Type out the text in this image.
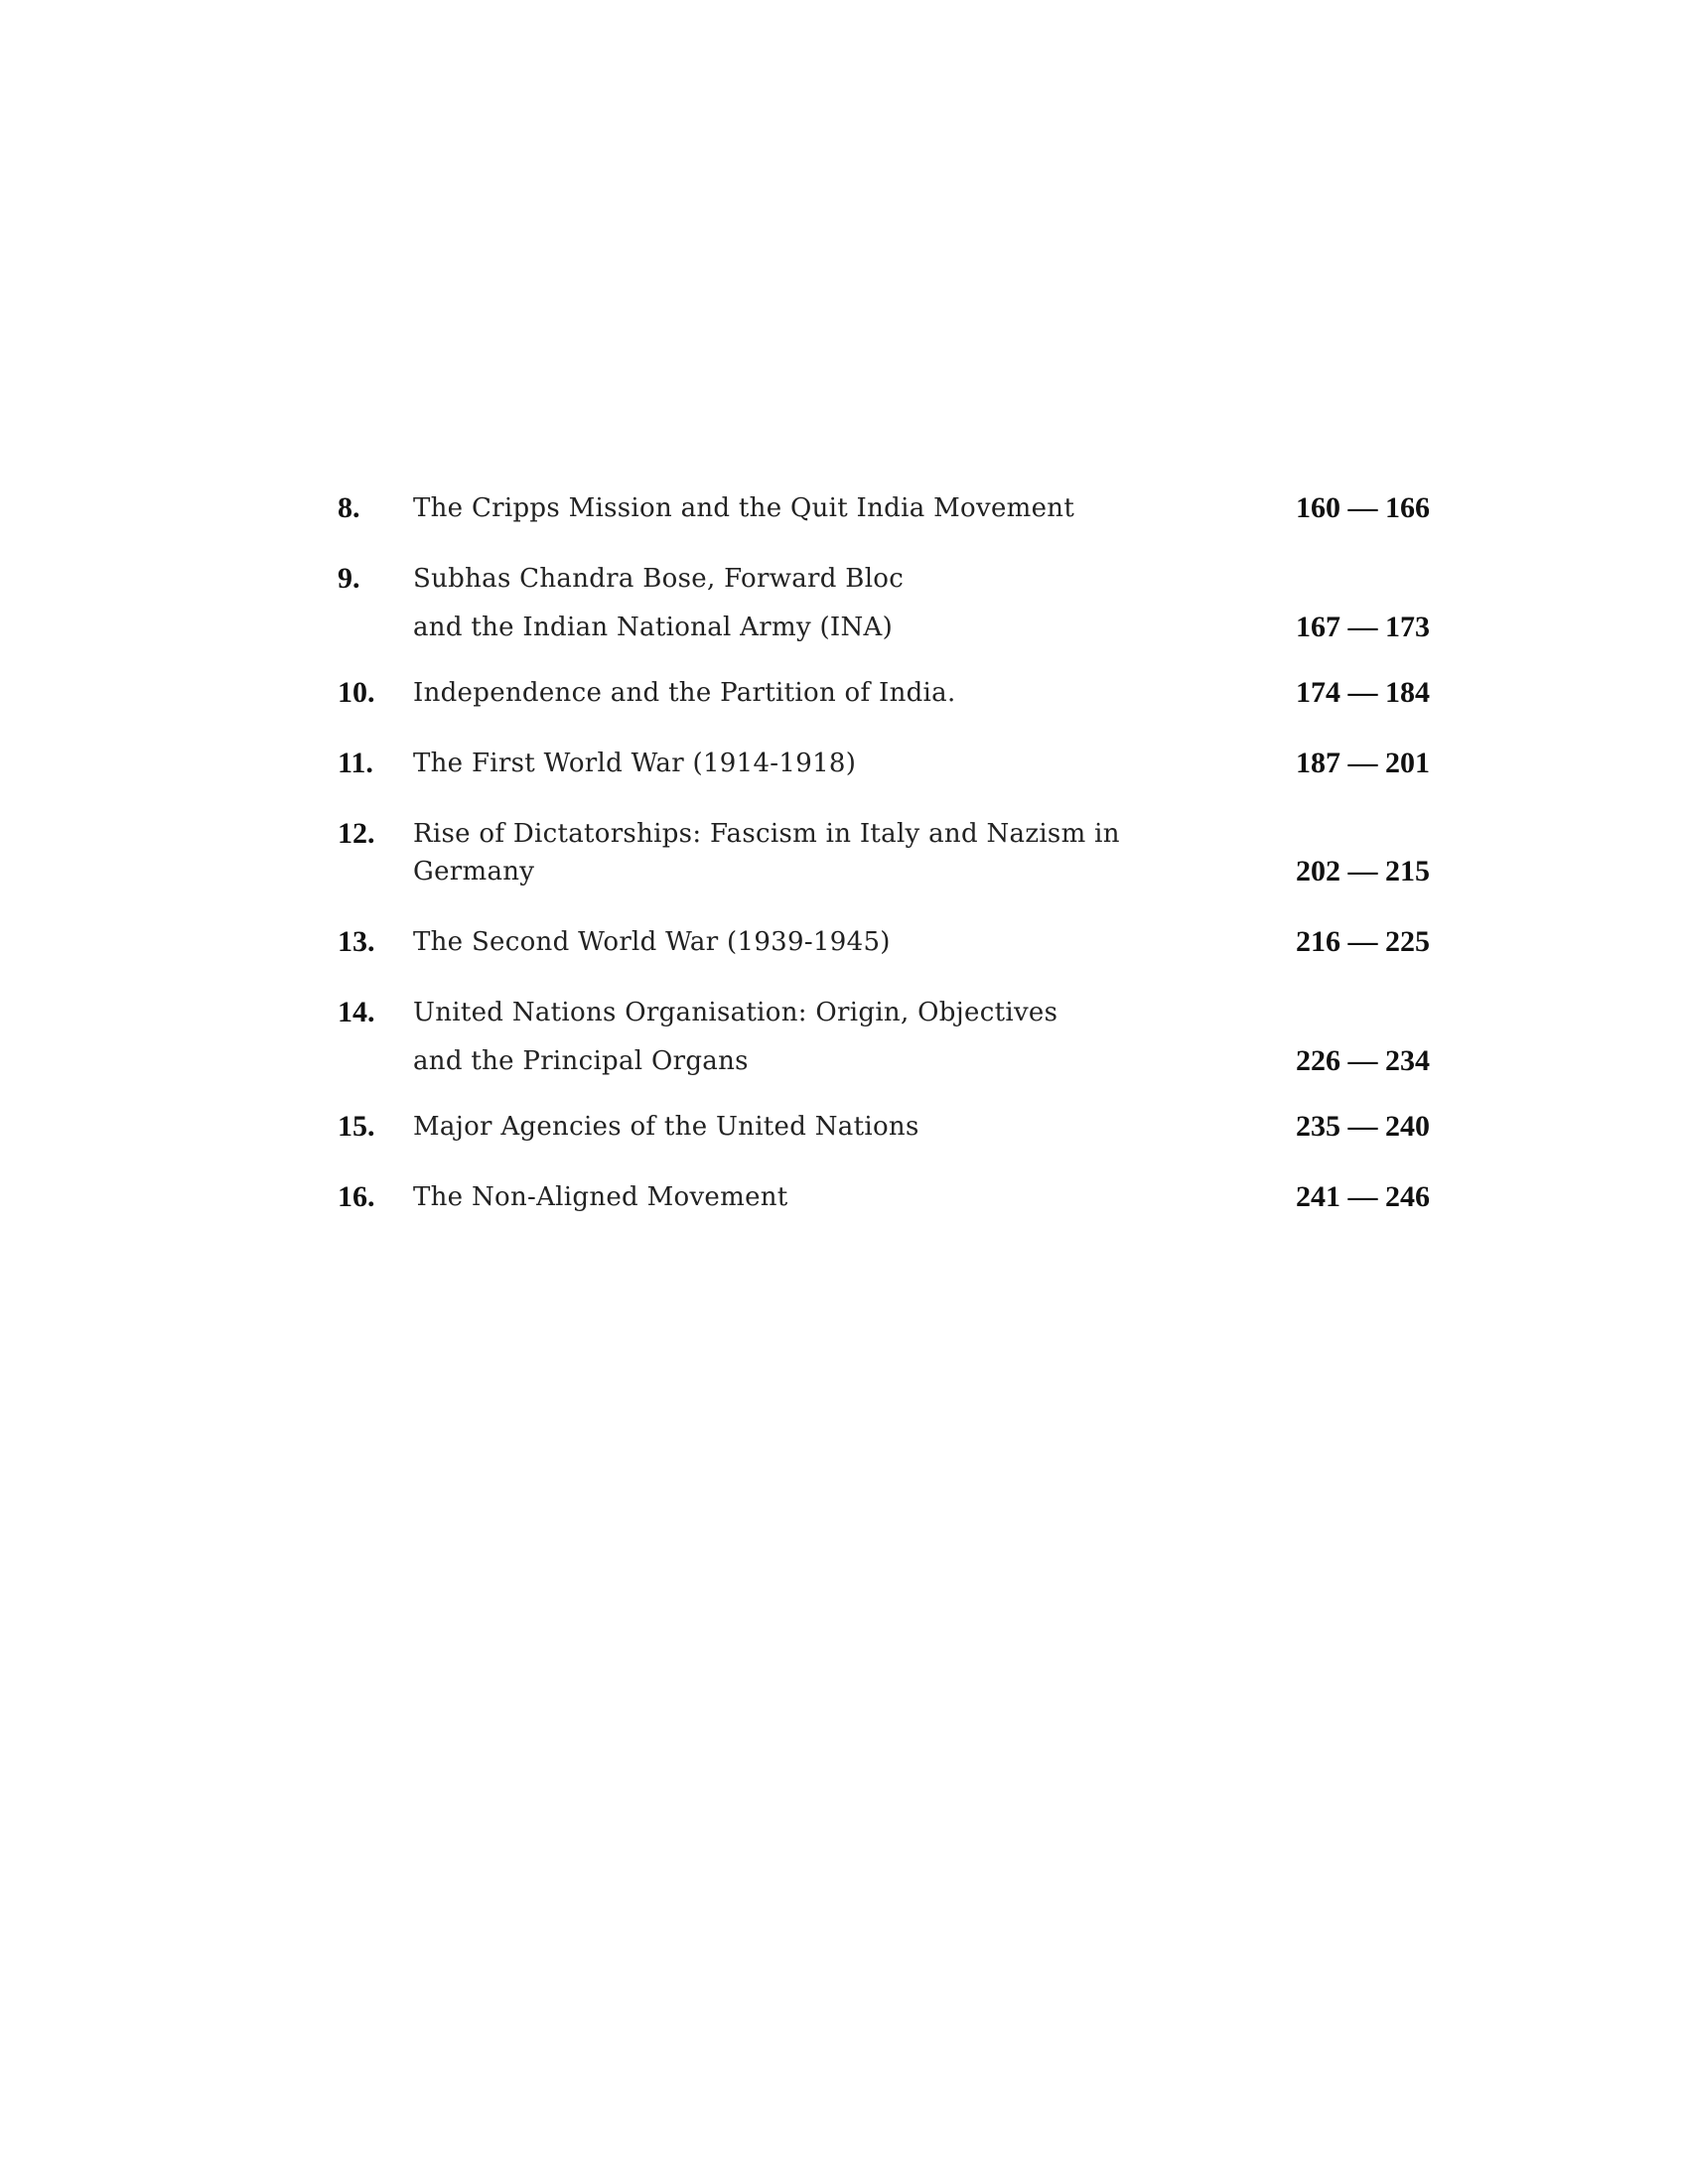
8.	The Cripps Mission and the Quit India Movement	160 — 166
9.	Subhas Chandra Bose, Forward Bloc
and the Indian National Army (INA)	167 — 173
10.	Independence and the Partition of India.	174 — 184
11.	The First World War (1914-1918)	187 — 201
12.	Rise of Dictatorships: Fascism in Italy and Nazism in Germany	202 — 215
13.	The Second World War (1939-1945)	216 — 225
14.	United Nations Organisation: Origin, Objectives
and the Principal Organs	226 — 234
15.	Major Agencies of the United Nations	235 — 240
16.	The Non-Aligned Movement	241 — 246
